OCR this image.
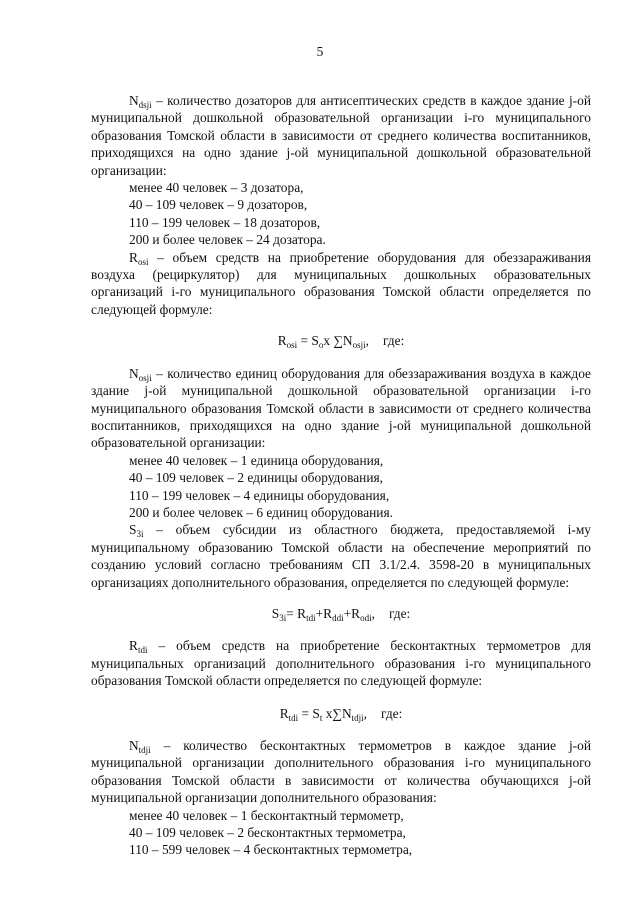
5

$N_{dsji}$ – количество дозаторов для антисептических средств в каждое здание j-ой муниципальной дошкольной образовательной организации i-го муниципального образования Томской области в зависимости от среднего количества воспитанников, приходящихся на одно здание j-ой муниципальной дошкольной образовательной организации:

менее 40 человек – 3 дозатора,

40 – 109 человек – 9 дозаторов,

110 – 199 человек – 18 дозаторов,

200 и более человек – 24 дозатора.

$R_{osi}$ – объем средств на приобретение оборудования для обеззараживания воздуха (рециркулятор) для муниципальных дошкольных образовательных организаций i-го муниципального образования Томской области определяется по следующей формуле:

$R_{osi} = S_ox$ $\sum N_{osji}$, где:

$N_{osji}$ – количество единиц оборудования для обеззараживания воздуха в каждое здание j-ой муниципальной дошкольной образовательной организации i-го муниципального образования Томской области в зависимости от среднего количества воспитанников, приходящихся на одно здание j-ой муниципальной дошкольной образовательной организации:

менее 40 человек – 1 единица оборудования,

40 – 109 человек – 2 единицы оборудования,

110 – 199 человек – 4 единицы оборудования,

200 и более человек – 6 единиц оборудования.

$S_{3i}$ – объем субсидии из областного бюджета, предоставляемой i-му муниципальному образованию Томской области на обеспечение мероприятий по созданию условий согласно требованиям СП 3.1/2.4. 3598-20 в муниципальных организациях дополнительного образования, определяется по следующей формуле:

$S_{3i}= R_{tdi}+R_{ddi}+R_{odi}$, где:

$R_{tdi}$ – объем средств на приобретение бесконтактных термометров для муниципальных организаций дополнительного образования i-го муниципального образования Томской области определяется по следующей формуле:

$R_{tdi} = S_t$ $x\sum N_{tdji}$, где:

$N_{tdji}$ – количество бесконтактных термометров в каждое здание j-ой муниципальной организации дополнительного образования i-го муниципального образования Томской области в зависимости от количества обучающихся j-ой муниципальной организации дополнительного образования:

менее 40 человек – 1 бесконтактный термометр,

40 – 109 человек – 2 бесконтактных термометра,

110 – 599 человек – 4 бесконтактных термометра,
